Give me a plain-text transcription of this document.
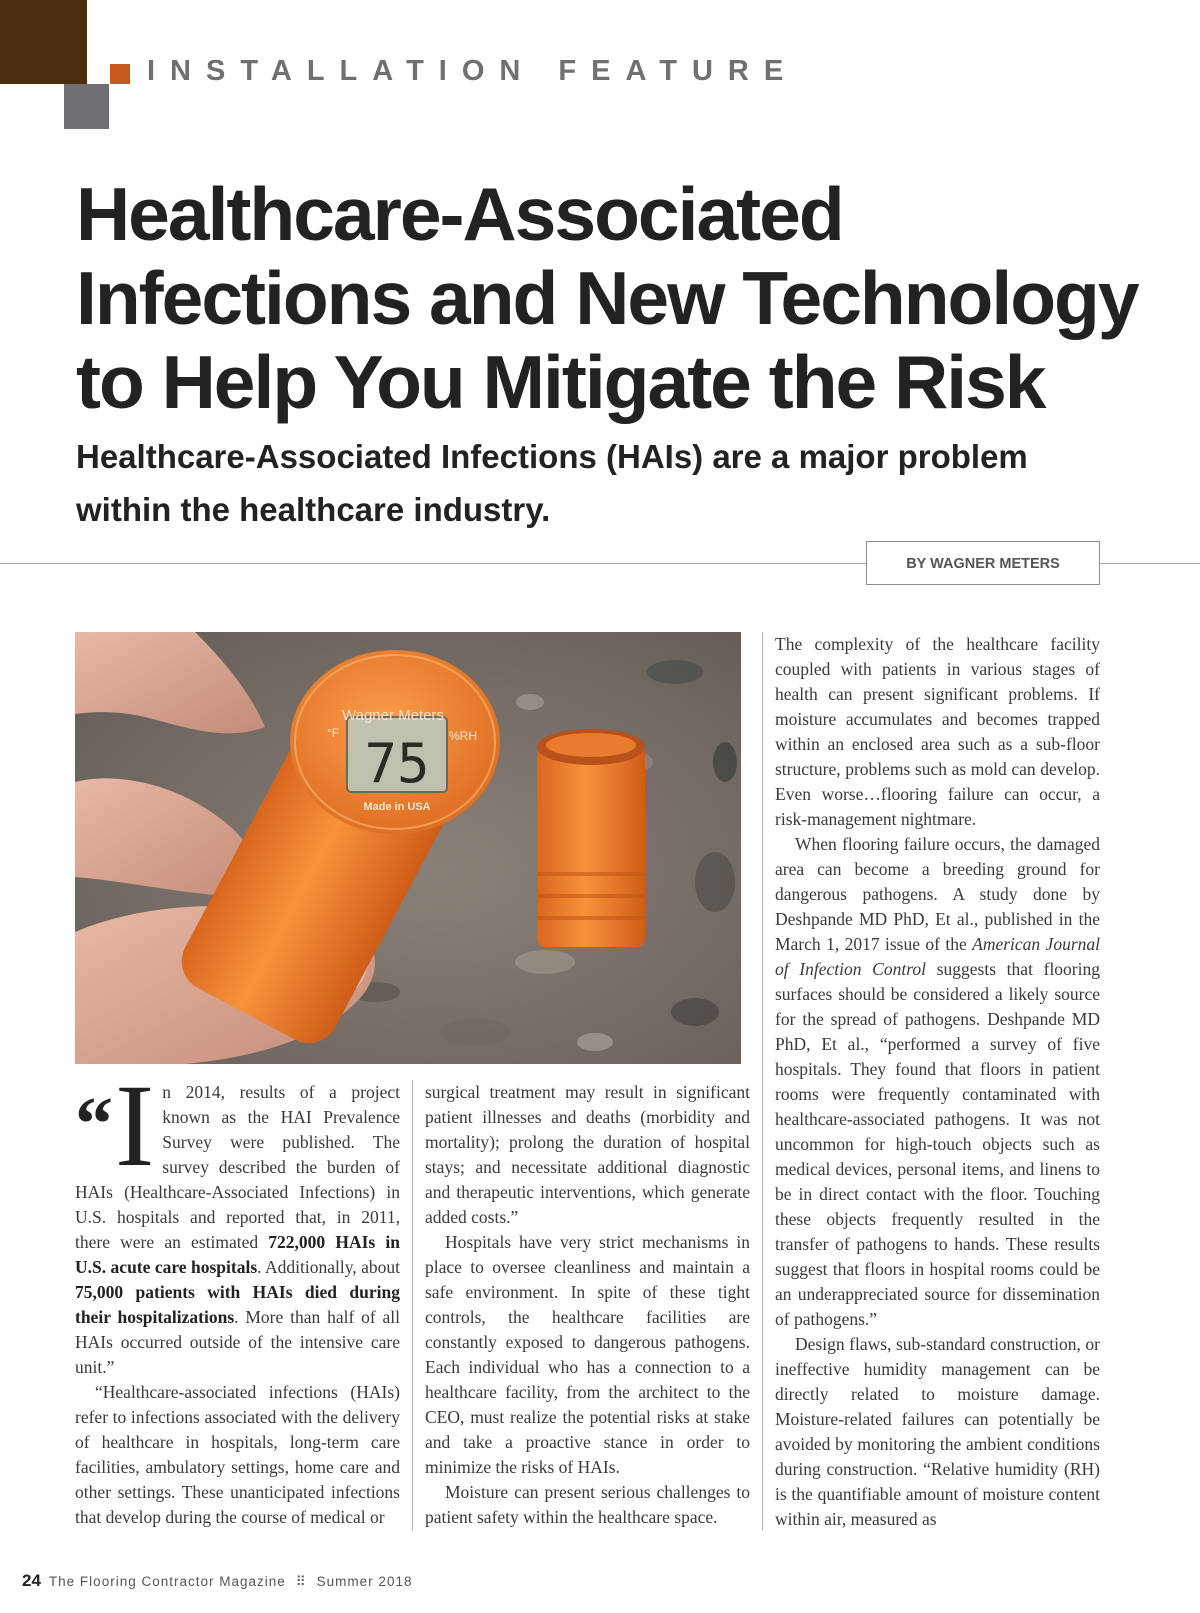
INSTALLATION FEATURE
Healthcare-Associated Infections and New Technology to Help You Mitigate the Risk
Healthcare-Associated Infections (HAIs) are a major problem within the healthcare industry.
BY WAGNER METERS
Wagner Meters
°F	%RH
75
Made in USA

“I n 2014, results of a project known as the HAI Prevalence Survey were published. The survey described the burden of HAIs (Healthcare-Associated Infections) in U.S. hospitals and reported that, in 2011, there were an estimated 722,000 HAIs in U.S. acute care hospitals. Additionally, about 75,000 patients with HAIs died during their hospitalizations. More than half of all HAIs occurred outside of the intensive care unit.”

“Healthcare-associated infections (HAIs) refer to infections associated with the delivery of healthcare in hospitals, long-term care facilities, ambulatory settings, home care and other settings. These unanticipated infections that develop during the course of medical or

surgical treatment may result in significant patient illnesses and deaths (morbidity and mortality); prolong the duration of hospital stays; and necessitate additional diagnostic and therapeutic interventions, which generate added costs.”

Hospitals have very strict mechanisms in place to oversee cleanliness and maintain a safe environment. In spite of these tight controls, the healthcare facilities are constantly exposed to dangerous pathogens. Each individual who has a connection to a healthcare facility, from the architect to the CEO, must realize the potential risks at stake and take a proactive stance in order to minimize the risks of HAIs.

Moisture can present serious challenges to patient safety within the healthcare space.

The complexity of the healthcare facility coupled with patients in various stages of health can present significant problems. If moisture accumulates and becomes trapped within an enclosed area such as a sub-floor structure, problems such as mold can develop. Even worse…flooring failure can occur, a risk-management nightmare.

When flooring failure occurs, the damaged area can become a breeding ground for dangerous pathogens. A study done by Deshpande MD PhD, Et al., published in the March 1, 2017 issue of the American Journal of Infection Control suggests that flooring surfaces should be considered a likely source for the spread of pathogens. Deshpande MD PhD, Et al., “performed a survey of five hospitals. They found that floors in patient rooms were frequently contaminated with healthcare-associated pathogens. It was not uncommon for high-touch objects such as medical devices, personal items, and linens to be in direct contact with the floor. Touching these objects frequently resulted in the transfer of pathogens to hands. These results suggest that floors in hospital rooms could be an underappreciated source for dissemination of pathogens.”

Design flaws, sub-standard construction, or ineffective humidity management can be directly related to moisture damage. Moisture-related failures can potentially be avoided by monitoring the ambient conditions during construction. “Relative humidity (RH) is the quantifiable amount of moisture content within air, measured as

24 The Flooring Contractor Magazine ⠿ Summer 2018
